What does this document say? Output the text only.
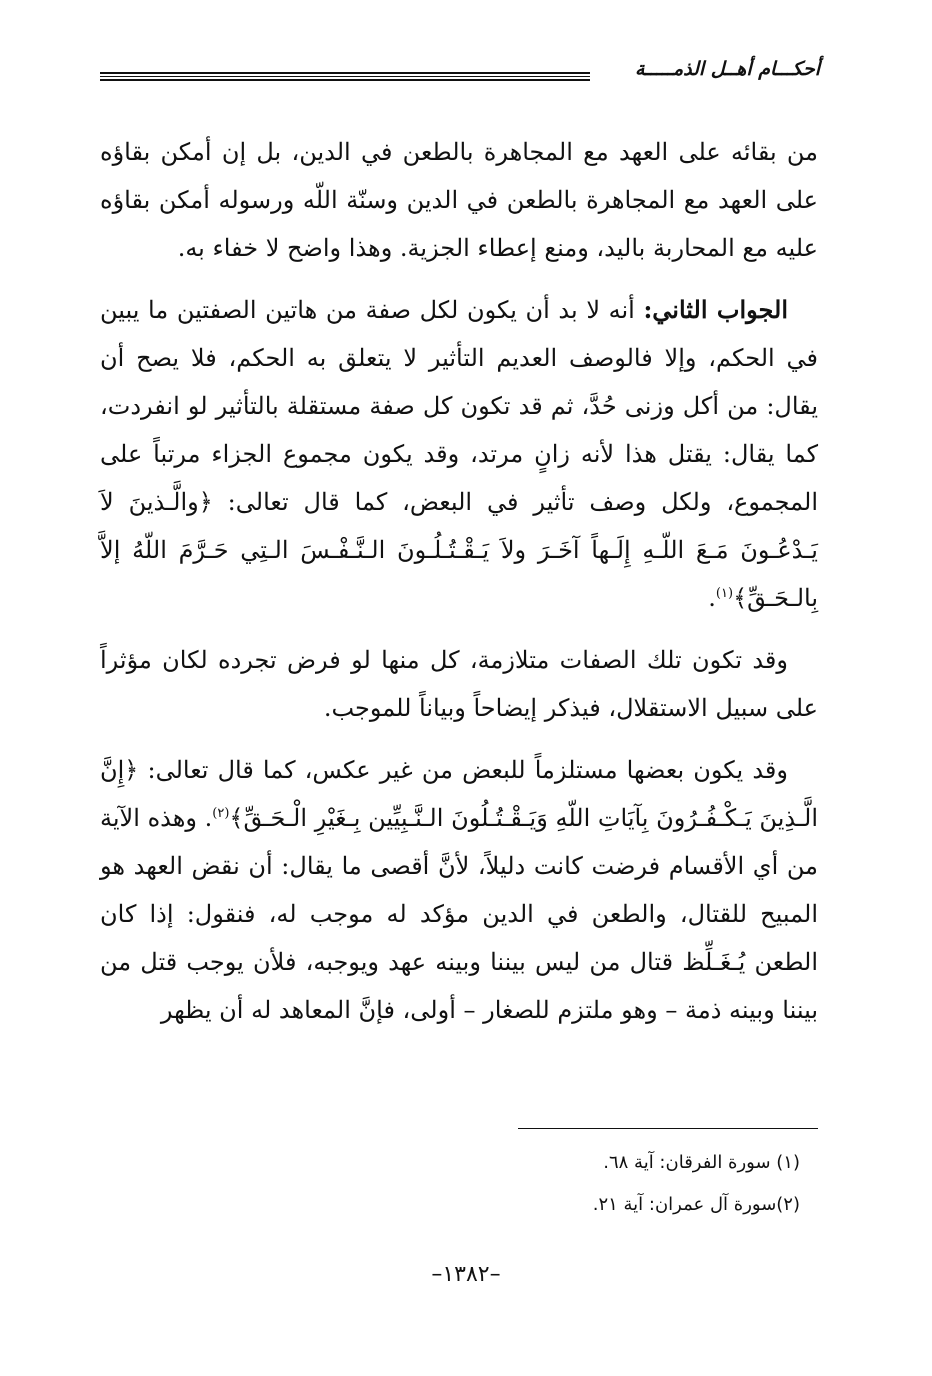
أحكـــام أهــل الذمـــــة

من بقائه على العهد مع المجاهرة بالطعن في الدين، بل إن أمكن بقاؤه على العهد مع المجاهرة بالطعن في الدين وسنّة اللّه ورسوله أمكن بقاؤه عليه مع المحاربة باليد، ومنع إعطاء الجزية. وهذا واضح لا خفاء به.

الجواب الثاني: أنه لا بد أن يكون لكل صفة من هاتين الصفتين ما يبين في الحكم، وإلا فالوصف العديم التأثير لا يتعلق به الحكم، فلا يصح أن يقال: من أكل وزنى حُدَّ، ثم قد تكون كل صفة مستقلة بالتأثير لو انفردت، كما يقال: يقتل هذا لأنه زانٍ مرتد، وقد يكون مجموع الجزاء مرتباً على المجموع، ولكل وصف تأثير في البعض، كما قال تعالى: ﴿والَّـذينَ لاَ يَـدْعُـونَ مَـعَ اللّـهِ إِلَـهاً آخَـرَ ولاَ يَـقْـتُـلُـونَ الـنَّـفْـسَ الـتِي حَـرَّمَ اللّهُ إلاَّ بِالـحَـقِّ﴾$^{(١)}$.

وقد تكون تلك الصفات متلازمة، كل منها لو فرض تجرده لكان مؤثراً على سبيل الاستقلال، فيذكر إيضاحاً وبياناً للموجب.

وقد يكون بعضها مستلزماً للبعض من غير عكس، كما قال تعالى: ﴿إِنَّ الَّـذِينَ يَـكْـفُـرُونَ بِآيَاتِ اللّهِ وَيَـقْـتُـلُونَ الـنَّـبِيِّين بِـغَيْرِ الْـحَـقِّ﴾$^{(٢)}$. وهذه الآية من أي الأقسام فرضت كانت دليلاً، لأنَّ أقصى ما يقال: أن نقض العهد هو المبيح للقتال، والطعن في الدين مؤكد له موجب له، فنقول: إذا كان الطعن يُـغَـلِّظ قتال من ليس بيننا وبينه عهد ويوجبه، فلأن يوجب قتل من بيننا وبينه ذمة – وهو ملتزم للصغار – أولى، فإنَّ المعاهد له أن يظهر

(١) سورة الفرقان: آية ٦٨.
(٢)سورة آل عمران: آية ٢١.
–١٣٨٢–
